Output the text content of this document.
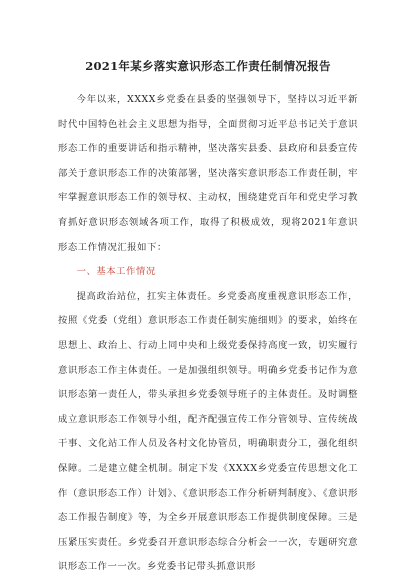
2021年某乡落实意识形态工作责任制情况报告

今年以来，XXXX乡党委在县委的坚强领导下，坚持以习近平新时代中国特色社会主义思想为指导，全面贯彻习近平总书记关于意识形态工作的重要讲话和指示精神，坚决落实县委、县政府和县委宣传部关于意识形态工作的决策部署，坚决落实意识形态工作责任制，牢牢掌握意识形态工作的领导权、主动权，围绕建党百年和党史学习教育抓好意识形态领域各项工作，取得了积极成效，现将2021年意识形态工作情况汇报如下：

一、基本工作情况

提高政治站位，扛实主体责任。乡党委高度重视意识形态工作，按照《党委（党组）意识形态工作责任制实施细则》的要求，始终在思想上、政治上、行动上同中央和上级党委保持高度一致，切实履行意识形态工作主体责任。一是加强组织领导。明确乡党委书记作为意识形态第一责任人，带头承担乡党委领导班子的主体责任。及时调整成立意识形态工作领导小组，配齐配强宣传工作分管领导、宣传统战干事、文化站工作人员及各村文化协管员，明确职责分工，强化组织保障。二是建立健全机制。制定下发《XXXX乡党委宣传思想文化工作（意识形态工作）计划》、《意识形态工作分析研判制度》、《意识形态工作报告制度》等，为全乡开展意识形态工作提供制度保障。三是压紧压实责任。乡党委召开意识形态综合分析会一一次，专题研究意识形态工作一一次。乡党委书记带头抓意识形
